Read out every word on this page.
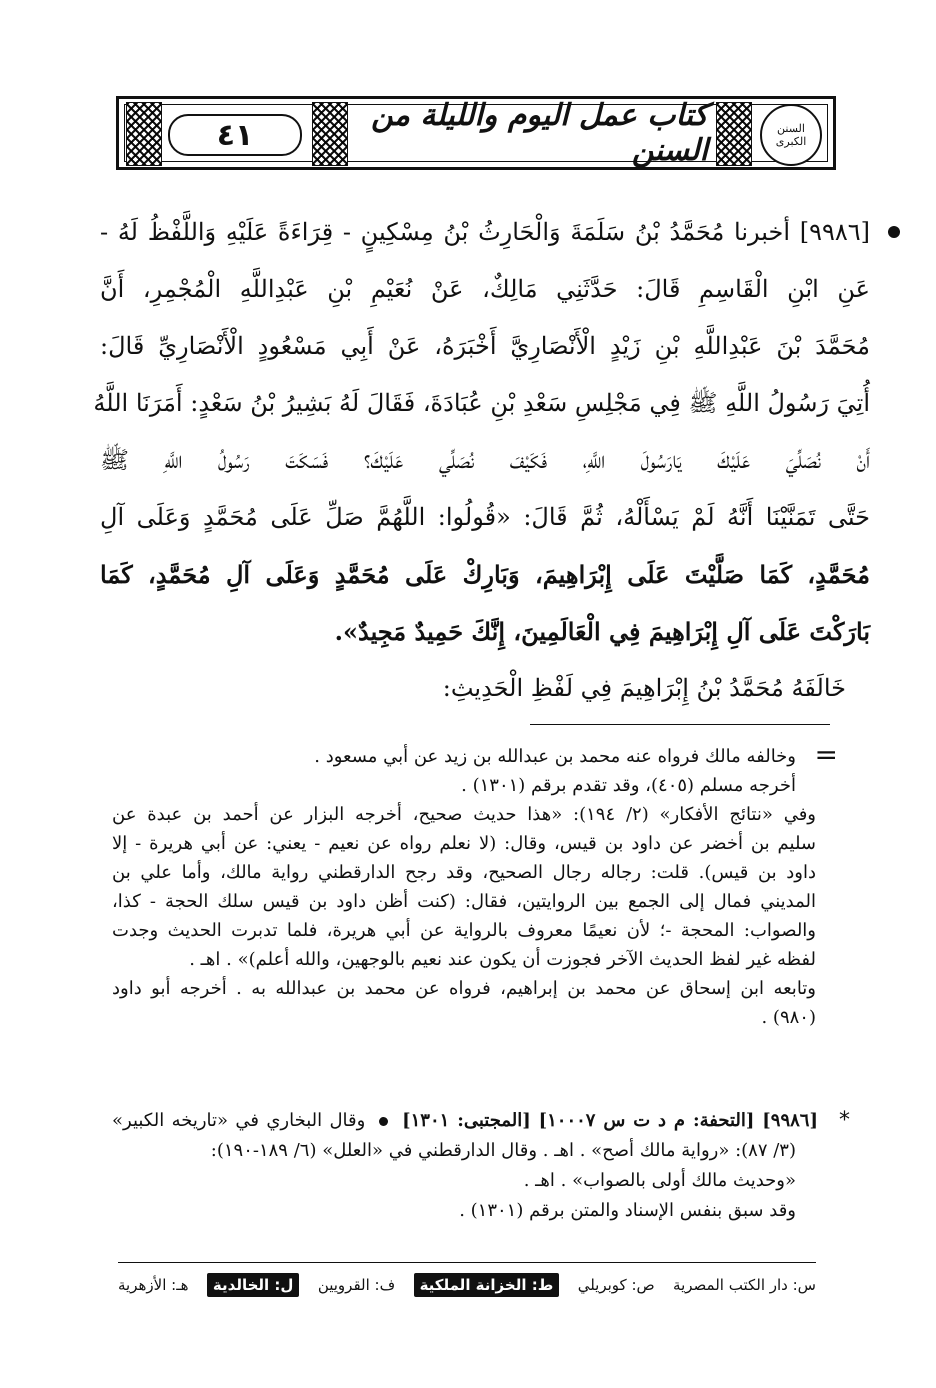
٤١
كتاب عمل اليوم والليلة من السنن
السنن
الكبرى
[٩٩٨٦] أخبرنا مُحَمَّدُ بْنُ سَلَمَةَ وَالْحَارِثُ بْنُ مِسْكِينٍ - قِرَاءَةً عَلَيْهِ وَاللَّفْظُ لَهُ -
عَنِ ابْنِ الْقَاسِمِ قَالَ: حَدَّثَنِي مَالِكٌ، عَنْ نُعَيْمِ بْنِ عَبْدِاللَّهِ الْمُجْمِرِ، أَنَّ
مُحَمَّدَ بْنَ عَبْدِاللَّهِ بْنِ زَيْدٍ الْأَنْصَارِيَّ أَخْبَرَهُ، عَنْ أَبِي مَسْعُودٍ الْأَنْصَارِيِّ قَالَ:
أُتِيَ رَسُولُ اللَّهِ ﷺ فِي مَجْلِسِ سَعْدِ بْنِ عُبَادَةَ، فَقَالَ لَهُ بَشِيرُ بْنُ سَعْدٍ: أَمَرَنَا اللَّهُ
أَنْ نُصَلِّيَ عَلَيْكَ يَارَسُولَ اللَّهِ، فَكَيْفَ نُصَلِّي عَلَيْكَ؟ فَسَكَتَ رَسُولُ اللَّهِ ﷺ
حَتَّى تَمَنَّيْنَا أَنَّهُ لَمْ يَسْأَلْهُ، ثُمَّ قَالَ: «قُولُوا: اللَّهُمَّ صَلِّ عَلَى مُحَمَّدٍ وَعَلَى آلِ
مُحَمَّدٍ، كَمَا صَلَّيْتَ عَلَى إِبْرَاهِيمَ، وَبَارِكْ عَلَى مُحَمَّدٍ وَعَلَى آلِ مُحَمَّدٍ، كَمَا
بَارَكْتَ عَلَى آلِ إِبْرَاهِيمَ فِي الْعَالَمِينَ، إِنَّكَ حَمِيدٌ مَجِيدٌ».
خَالَفَهُ مُحَمَّدُ بْنُ إِبْرَاهِيمَ فِي لَفْظِ الْحَدِيثِ:
=
وخالفه مالك فرواه عنه محمد بن عبدالله بن زيد عن أبي مسعود .
أخرجه مسلم (٤٠٥)، وقد تقدم برقم (١٣٠١) .
وفي «نتائج الأفكار» (٢/ ١٩٤): «هذا حديث صحيح، أخرجه البزار عن أحمد بن عبدة عن
سليم بن أخضر عن داود بن قيس، وقال: (لا نعلم رواه عن نعيم - يعني: عن أبي هريرة - إلا
داود بن قيس). قلت: رجاله رجال الصحيح، وقد رجح الدارقطني رواية مالك، وأما علي بن
المديني فمال إلى الجمع بين الروايتين، فقال: (كنت أظن داود بن قيس سلك الحجة - كذا،
والصواب: المحجة -؛ لأن نعيمًا معروف بالرواية عن أبي هريرة، فلما تدبرت الحديث وجدت
لفظه غير لفظ الحديث الآخر فجوزت أن يكون عند نعيم بالوجهين، والله أعلم)» . اهـ .
وتابعه ابن إسحاق عن محمد بن إبراهيم، فرواه عن محمد بن عبدالله به . أخرجه أبو داود
(٩٨٠) .
*
[٩٩٨٦] [التحفة: م د ت س ١٠٠٠٧] [المجتبى: ١٣٠١]  وقال البخاري في «تاريخه الكبير»
(٣/ ٨٧): «رواية مالك أصح» . اهـ . وقال الدارقطني في «العلل» (٦/ ١٨٩-١٩٠):
«وحديث مالك أولى بالصواب» . اهـ .
وقد سبق بنفس الإسناد والمتن برقم (١٣٠١) .
س: دار الكتب المصرية
ص: كوبريلي
ط: الخزانة الملكية
ف: القرويين
ل: الخالدية
هـ: الأزهرية
